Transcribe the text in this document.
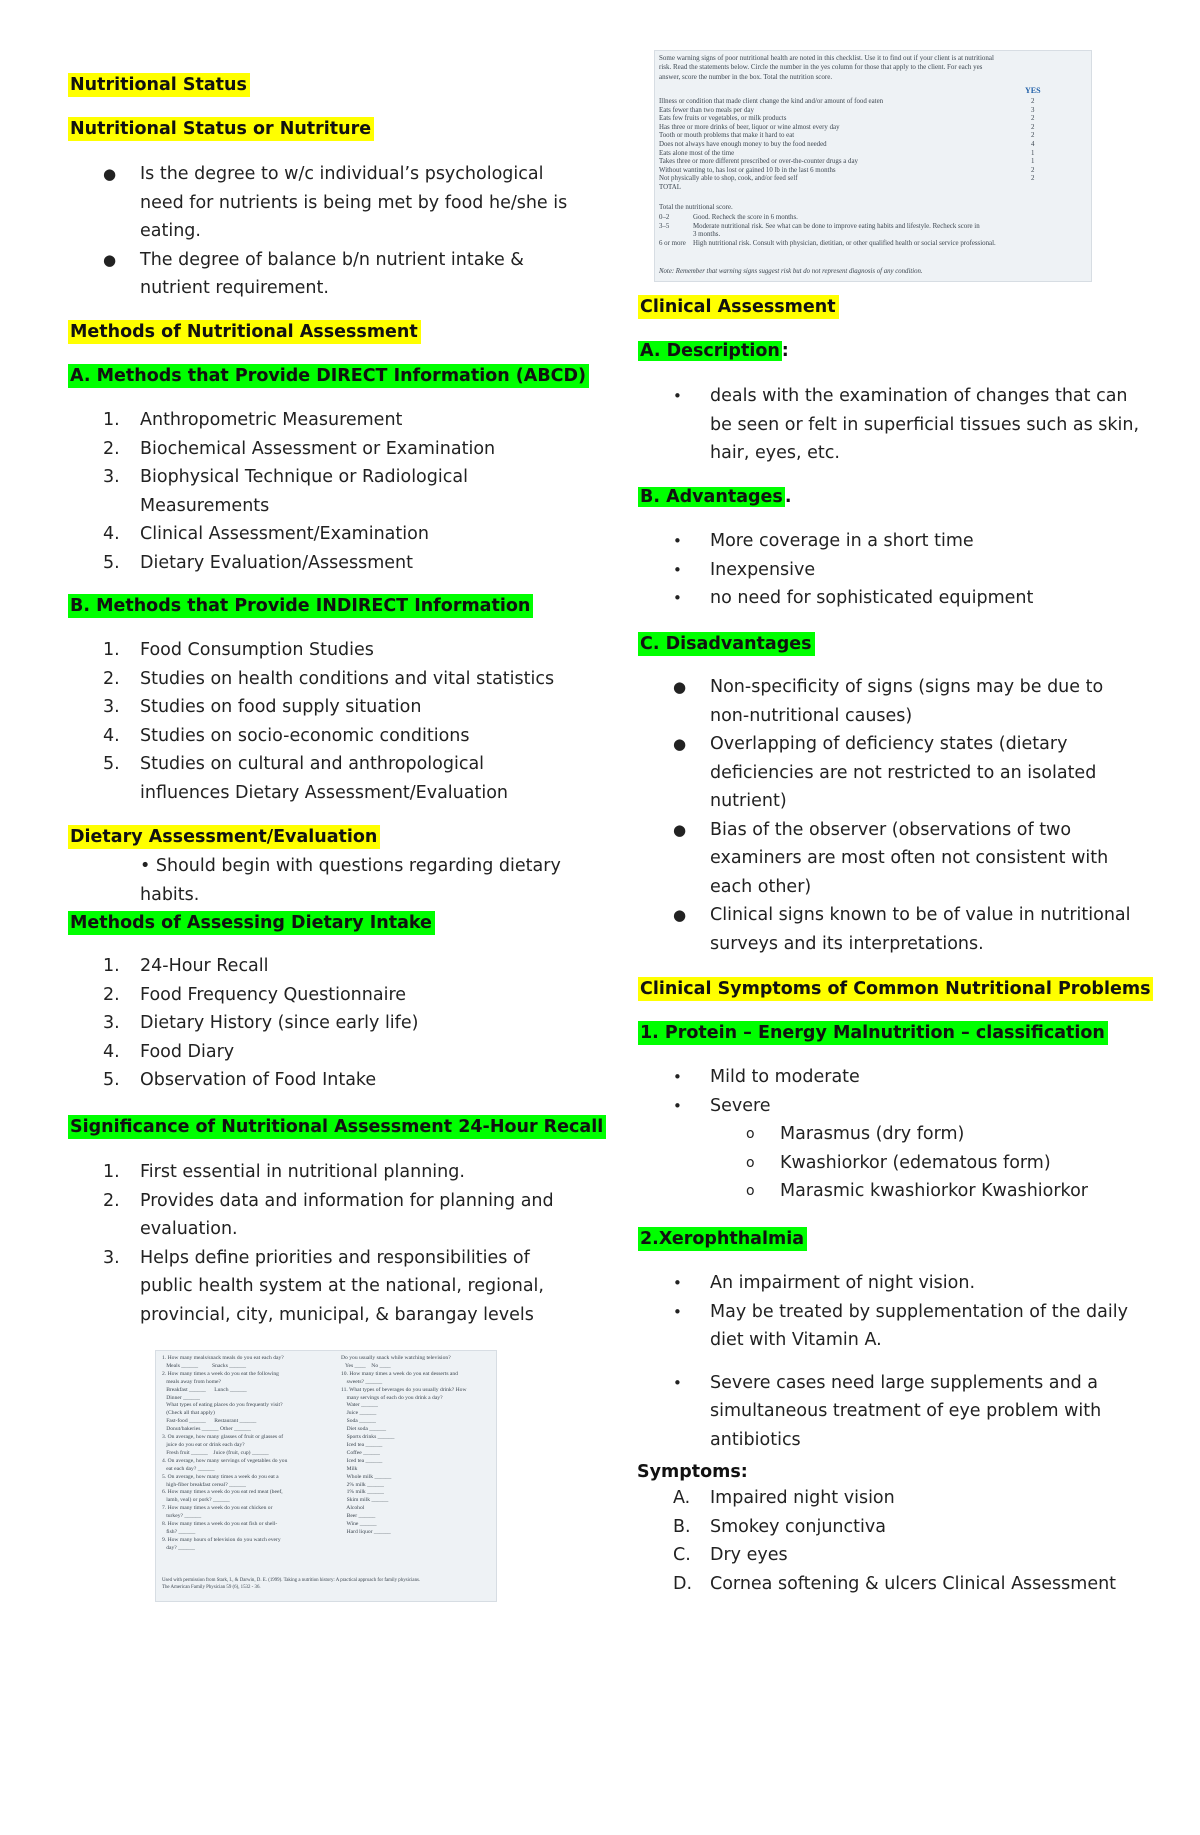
Nutritional Status
Nutritional Status or Nutriture
● Is the degree to w/c individual’s psychological need for nutrients is being met by food he/she is eating.
● The degree of balance b/n nutrient intake & nutrient requirement.
Methods of Nutritional Assessment
A. Methods that Provide DIRECT Information (ABCD)
1. Anthropometric Measurement
2. Biochemical Assessment or Examination
3. Biophysical Technique or Radiological Measurements
4. Clinical Assessment/Examination
5. Dietary Evaluation/Assessment
B. Methods that Provide INDIRECT Information
1. Food Consumption Studies
2. Studies on health conditions and vital statistics
3. Studies on food supply situation
4. Studies on socio-economic conditions
5. Studies on cultural and anthropological influences Dietary Assessment/Evaluation
Dietary Assessment/Evaluation
• Should begin with questions regarding dietary habits.
Methods of Assessing Dietary Intake
1. 24-Hour Recall
2. Food Frequency Questionnaire
3. Dietary History (since early life)
4. Food Diary
5. Observation of Food Intake
Significance of Nutritional Assessment 24-Hour Recall
1. First essential in nutritional planning.
2. Provides data and information for planning and evaluation.
3. Helps define priorities and responsibilities of public health system at the national, regional, provincial, city, municipal, & barangay levels
1. How many meals/snack meals do you eat each day?
Meals ______          Snacks ______
2. How many times a week do you eat the following
meals away from home?
Breakfast ______      Lunch ______
Dinner ______
What types of eating places do you frequently visit?
(Check all that apply)
Fast-food ______      Restaurant ______
Donut/bakeries ______ Other ______
3. On average, how many glasses of fruit or glasses of
juice do you eat or drink each day?
Fresh fruit ______    Juice (fruit, cup) ______
4. On average, how many servings of vegetables do you
eat each day? ______
5. On average, how many times a week do you eat a
high-fiber breakfast cereal? ______
6. How many times a week do you eat red meat (beef,
lamb, veal) or pork? ______
7. How many times a week do you eat chicken or
turkey? ______
8. How many times a week do you eat fish or shell-
fish? ______
9. How many hours of television do you watch every
day? ______
Do you usually snack while watching television?
Yes ____    No ____
10. How many times a week do you eat desserts and
sweets? ______
11. What types of beverages do you usually drink? How
many servings of each do you drink a day?
Water ______
Juice ______
Soda ______
Diet soda ______
Sports drinks ______
Iced tea ______
Coffee ______
Iced tea ______
Milk
Whole milk ______
2% milk ______
1% milk ______
Skim milk ______
Alcohol
Beer ______
Wine ______
Hard liquor ______
Used with permission from Stark, I., & Darwin, D. E. (1999). Taking a nutrition history: A practical approach for family physicians.
The American Family Physician 59 (6), 1532 - 36.
Some warning signs of poor nutritional health are noted in this checklist. Use it to find out if your client is at nutritional
risk. Read the statements below. Circle the number in the yes column for those that apply to the client. For each yes
answer, score the number in the box. Total the nutrition score.
YES
Illness or condition that made client change the kind and/or amount of food eaten	2
Eats fewer than two meals per day	3
Eats few fruits or vegetables, or milk products	2
Has three or more drinks of beer, liquor or wine almost every day	2
Tooth or mouth problems that make it hard to eat	2
Does not always have enough money to buy the food needed	4
Eats alone most of the time	1
Takes three or more different prescribed or over-the-counter drugs a day	1
Without wanting to, has lost or gained 10 lb in the last 6 months	2
Not physically able to shop, cook, and/or feed self	2
TOTAL
Total the nutritional score.
0–2	Good. Recheck the score in 6 months.
3–5	Moderate nutritional risk. See what can be done to improve eating habits and lifestyle. Recheck score in
3 months.
6 or more High nutritional risk. Consult with physician, dietitian, or other qualified health or social service professional.
Note: Remember that warning signs suggest risk but do not represent diagnosis of any condition.
Clinical Assessment
A. Description :
• deals with the examination of changes that can be seen or felt in superficial tissues such as skin, hair, eyes, etc.
B. Advantages .
• More coverage in a short time
• Inexpensive
• no need for sophisticated equipment
C. Disadvantages
● Non-specificity of signs (signs may be due to non-nutritional causes)
● Overlapping of deficiency states (dietary deficiencies are not restricted to an isolated nutrient)
● Bias of the observer (observations of two examiners are most often not consistent with each other)
● Clinical signs known to be of value in nutritional surveys and its interpretations.
Clinical Symptoms of Common Nutritional Problems
1. Protein – Energy Malnutrition – classification
• Mild to moderate
• Severe
o Marasmus (dry form)
o Kwashiorkor (edematous form)
o Marasmic kwashiorkor Kwashiorkor
2.Xerophthalmia
• An impairment of night vision.
• May be treated by supplementation of the daily diet with Vitamin A.
• Severe cases need large supplements and a simultaneous treatment of eye problem with antibiotics
Symptoms:
A. Impaired night vision
B. Smokey conjunctiva
C. Dry eyes
D. Cornea softening & ulcers Clinical Assessment
